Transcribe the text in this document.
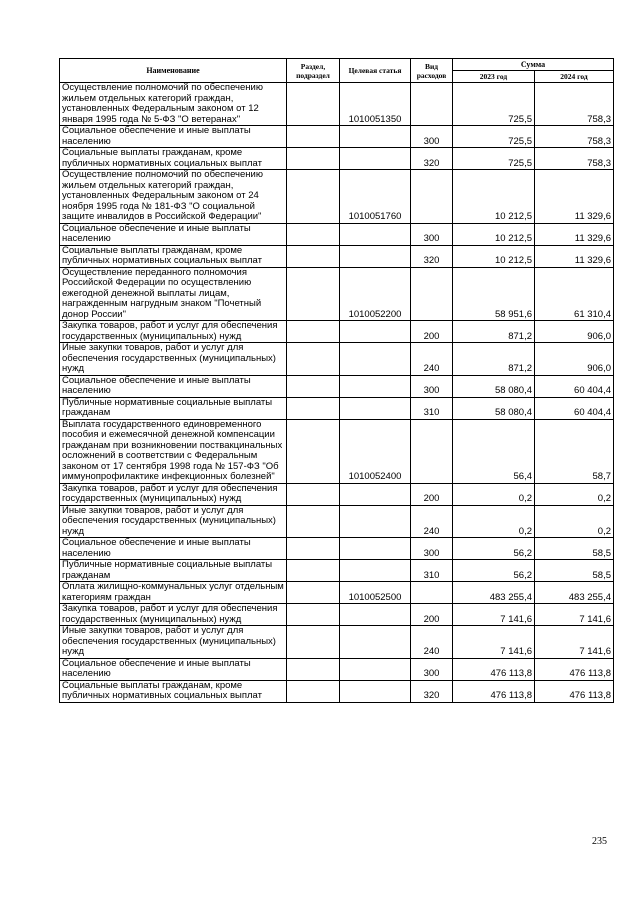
Наименование	Раздел, подраздел	Целевая статья	Вид расходов	Сумма	
				2023 год	2024 год
Осуществление полномочий по обеспечению жильем отдельных категорий граждан, установленных Федеральным законом от 12 января 1995 года № 5-ФЗ "О ветеранах"		1010051350		725,5	758,3
Социальное обеспечение и иные выплаты населению			300	725,5	758,3
Социальные выплаты гражданам, кроме публичных нормативных социальных выплат			320	725,5	758,3
Осуществление полномочий по обеспечению жильем отдельных категорий граждан, установленных Федеральным законом от 24 ноября 1995 года № 181-ФЗ "О социальной защите инвалидов в Российской Федерации"		1010051760		10 212,5	11 329,6
Социальное обеспечение и иные выплаты населению			300	10 212,5	11 329,6
Социальные выплаты гражданам, кроме публичных нормативных социальных выплат			320	10 212,5	11 329,6
Осуществление переданного полномочия Российской Федерации по осуществлению ежегодной денежной выплаты лицам, награжденным нагрудным знаком "Почетный донор России"		1010052200		58 951,6	61 310,4
Закупка товаров, работ и услуг для обеспечения государственных (муниципальных) нужд			200	871,2	906,0
Иные закупки товаров, работ и услуг для обеспечения государственных (муниципальных) нужд			240	871,2	906,0
Социальное обеспечение и иные выплаты населению			300	58 080,4	60 404,4
Публичные нормативные социальные выплаты гражданам			310	58 080,4	60 404,4
Выплата государственного единовременного пособия и ежемесячной денежной компенсации гражданам при возникновении поствакцинальных осложнений в соответствии с Федеральным законом от 17 сентября 1998 года № 157-ФЗ "Об иммунопрофилактике инфекционных болезней"		1010052400		56,4	58,7
Закупка товаров, работ и услуг для обеспечения государственных (муниципальных) нужд			200	0,2	0,2
Иные закупки товаров, работ и услуг для обеспечения государственных (муниципальных) нужд			240	0,2	0,2
Социальное обеспечение и иные выплаты населению			300	56,2	58,5
Публичные нормативные социальные выплаты гражданам			310	56,2	58,5
Оплата жилищно-коммунальных услуг отдельным категориям граждан		1010052500		483 255,4	483 255,4
Закупка товаров, работ и услуг для обеспечения государственных (муниципальных) нужд			200	7 141,6	7 141,6
Иные закупки товаров, работ и услуг для обеспечения государственных (муниципальных) нужд			240	7 141,6	7 141,6
Социальное обеспечение и иные выплаты населению			300	476 113,8	476 113,8
Социальные выплаты гражданам, кроме публичных нормативных социальных выплат			320	476 113,8	476 113,8
235
